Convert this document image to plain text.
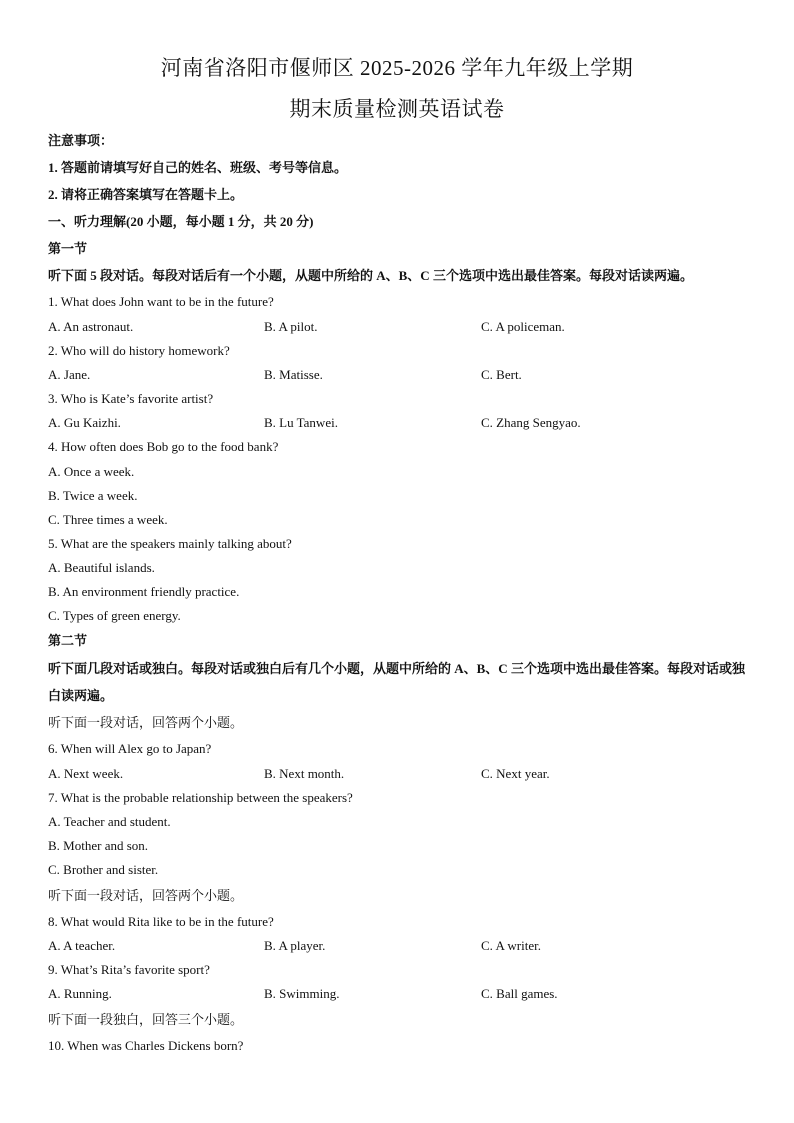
河南省洛阳市偃师区 2025-2026 学年九年级上学期
期末质量检测英语试卷
注意事项：
1. 答题前请填写好自己的姓名、班级、考号等信息。
2. 请将正确答案填写在答题卡上。
一、听力理解(20 小题，每小题 1 分，共 20 分)
第一节
听下面 5 段对话。每段对话后有一个小题，从题中所给的 A、B、C 三个选项中选出最佳答案。每段对话读两遍。
1. What does John want to be in the future?
A. An astronaut.	B. A pilot.	C. A policeman.
2. Who will do history homework?
A. Jane.	B. Matisse.	C. Bert.
3. Who is Kate’s favorite artist?
A. Gu Kaizhi.	B. Lu Tanwei.	C. Zhang Sengyao.
4. How often does Bob go to the food bank?
A. Once a week.
B. Twice a week.
C. Three times a week.
5. What are the speakers mainly talking about?
A. Beautiful islands.
B. An environment friendly practice.
C. Types of green energy.
第二节
听下面几段对话或独白。每段对话或独白后有几个小题，从题中所给的 A、B、C 三个选项中选出最佳答案。每段对话或独白读两遍。
听下面一段对话，回答两个小题。
6. When will Alex go to Japan?
A. Next week.	B. Next month.	C. Next year.
7. What is the probable relationship between the speakers?
A. Teacher and student.
B. Mother and son.
C. Brother and sister.
听下面一段对话，回答两个小题。
8. What would Rita like to be in the future?
A. A teacher.	B. A player.	C. A writer.
9. What’s Rita’s favorite sport?
A. Running.	B. Swimming.	C. Ball games.
听下面一段独白，回答三个小题。
10. When was Charles Dickens born?
